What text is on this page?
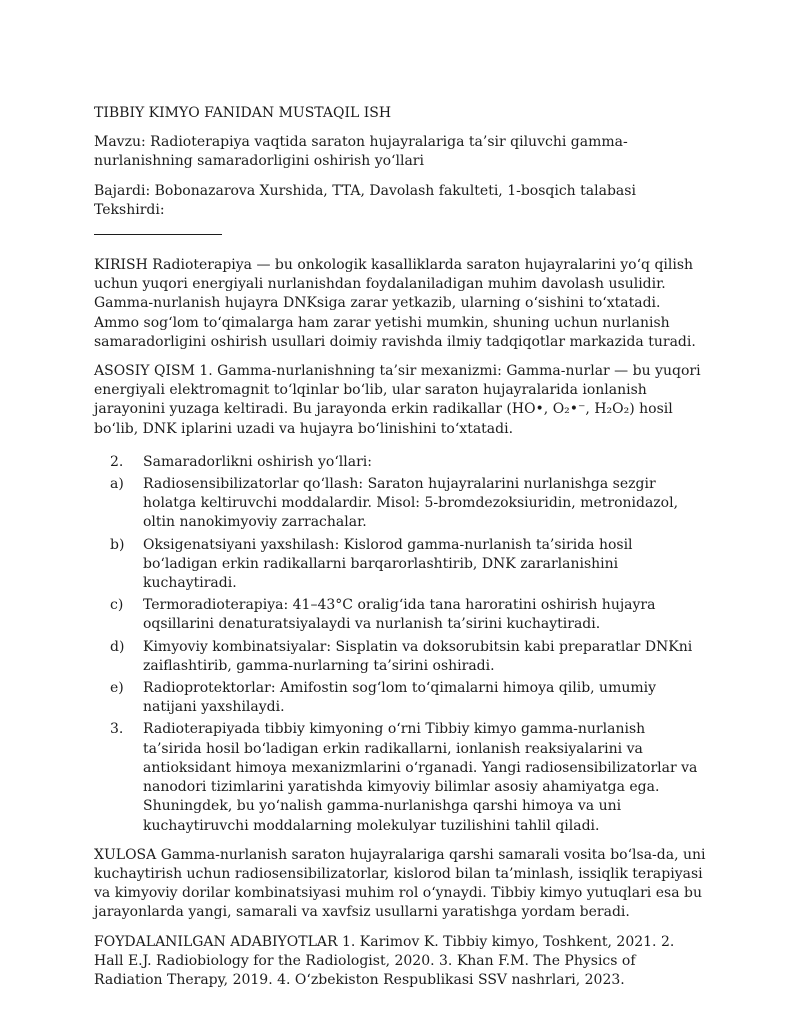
TIBBIY KIMYO FANIDAN MUSTAQIL ISH

Mavzu: Radioterapiya vaqtida saraton hujayralariga ta’sir qiluvchi gamma-nurlanishning samaradorligini oshirish yo‘llari

Bajardi: Bobonazarova Xurshida, TTA, Davolash fakulteti, 1-bosqich talabasi Tekshirdi:

KIRISH Radioterapiya — bu onkologik kasalliklarda saraton hujayralarini yo‘q qilish uchun yuqori energiyali nurlanishdan foydalaniladigan muhim davolash usulidir. Gamma-nurlanish hujayra DNKsiga zarar yetkazib, ularning o‘sishini to‘xtatadi. Ammo sog‘lom to‘qimalarga ham zarar yetishi mumkin, shuning uchun nurlanish samaradorligini oshirish usullari doimiy ravishda ilmiy tadqiqotlar markazida turadi.

ASOSIY QISM 1. Gamma-nurlanishning ta’sir mexanizmi: Gamma-nurlar — bu yuqori energiyali elektromagnit to‘lqinlar bo‘lib, ular saraton hujayralarida ionlanish jarayonini yuzaga keltiradi. Bu jarayonda erkin radikallar (HO•, O₂•⁻, H₂O₂) hosil bo‘lib, DNK iplarini uzadi va hujayra bo‘linishini to‘xtatadi.

2. Samaradorlikni oshirish yo‘llari:
a) Radiosensibilizatorlar qo‘llash: Saraton hujayralarini nurlanishga sezgir holatga keltiruvchi moddalardir. Misol: 5-bromdezoksiuridin, metronidazol, oltin nanokimyoviy zarrachalar.
b) Oksigenatsiyani yaxshilash: Kislorod gamma-nurlanish ta’sirida hosil bo‘ladigan erkin radikallarni barqarorlashtirib, DNK zararlanishini kuchaytiradi.
c) Termoradioterapiya: 41–43°C oralig‘ida tana haroratini oshirish hujayra oqsillarini denaturatsiyalaydi va nurlanish ta’sirini kuchaytiradi.
d) Kimyoviy kombinatsiyalar: Sisplatin va doksorubitsin kabi preparatlar DNKni zaiflashtirib, gamma-nurlarning ta’sirini oshiradi.
e) Radioprotektorlar: Amifostin sog‘lom to‘qimalarni himoya qilib, umumiy natijani yaxshilaydi.
3. Radioterapiyada tibbiy kimyoning o‘rni Tibbiy kimyo gamma-nurlanish ta’sirida hosil bo‘ladigan erkin radikallarni, ionlanish reaksiyalarini va antioksidant himoya mexanizmlarini o‘rganadi. Yangi radiosensibilizatorlar va nanodori tizimlarini yaratishda kimyoviy bilimlar asosiy ahamiyatga ega. Shuningdek, bu yo‘nalish gamma-nurlanishga qarshi himoya va uni kuchaytiruvchi moddalarning molekulyar tuzilishini tahlil qiladi.

XULOSA Gamma-nurlanish saraton hujayralariga qarshi samarali vosita bo‘lsa-da, uni kuchaytirish uchun radiosensibilizatorlar, kislorod bilan ta’minlash, issiqlik terapiyasi va kimyoviy dorilar kombinatsiyasi muhim rol o‘ynaydi. Tibbiy kimyo yutuqlari esa bu jarayonlarda yangi, samarali va xavfsiz usullarni yaratishga yordam beradi.

FOYDALANILGAN ADABIYOTLAR 1. Karimov K. Tibbiy kimyo, Toshkent, 2021. 2. Hall E.J. Radiobiology for the Radiologist, 2020. 3. Khan F.M. The Physics of Radiation Therapy, 2019. 4. O‘zbekiston Respublikasi SSV nashrlari, 2023.
